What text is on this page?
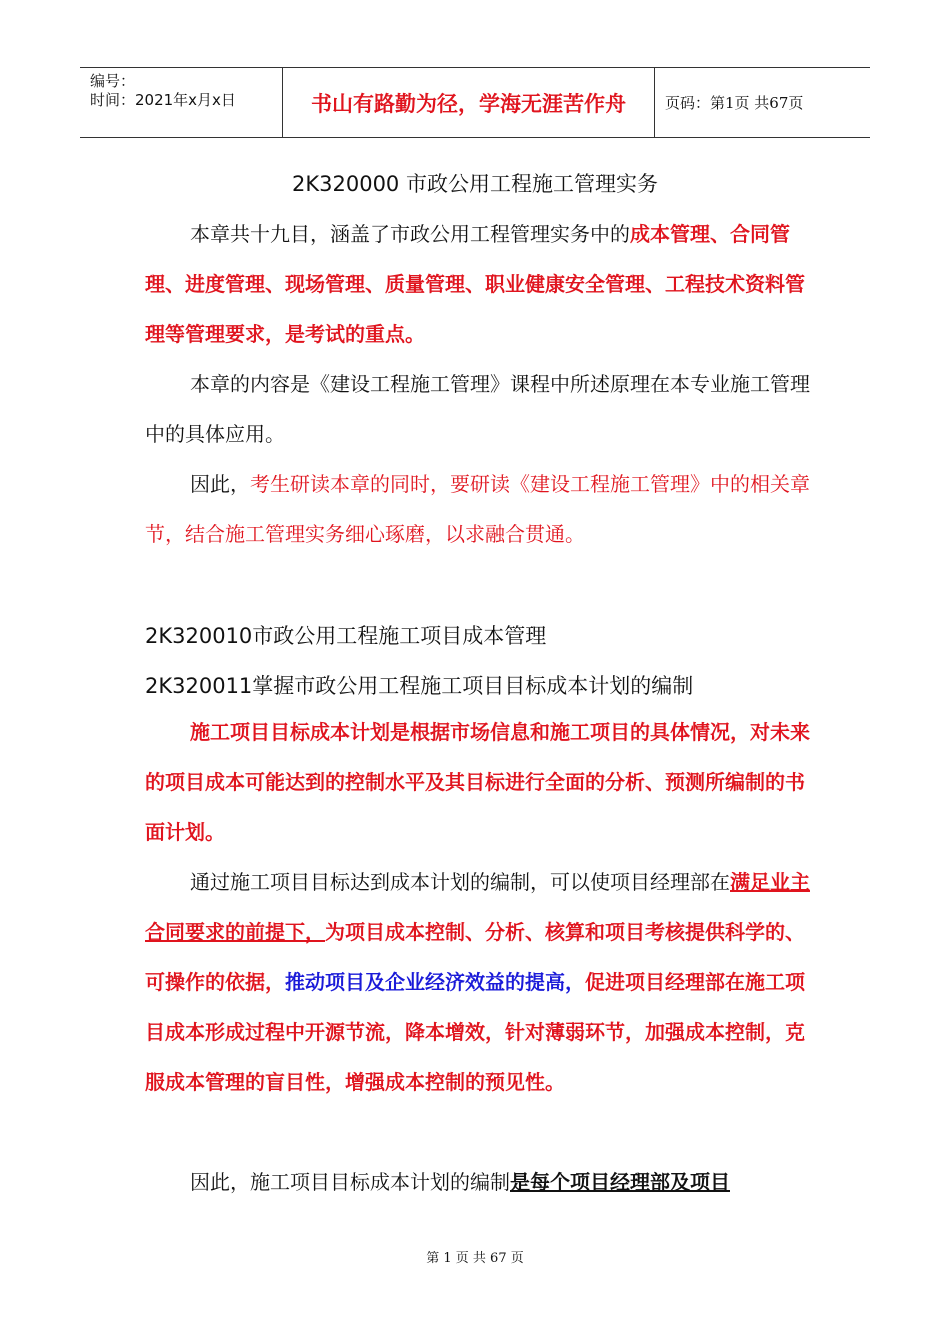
编号：
时间：2021年x月x日	书山有路勤为径，学海无涯苦作舟	页码：第1页 共67页
2K320000 市政公用工程施工管理实务

本章共十九目，涵盖了市政公用工程管理实务中的成本管理、合同管理、进度管理、现场管理、质量管理、职业健康安全管理、工程技术资料管理等管理要求，是考试的重点。

本章的内容是《建设工程施工管理》课程中所述原理在本专业施工管理中的具体应用。

因此，考生研读本章的同时，要研读《建设工程施工管理》中的相关章节，结合施工管理实务细心琢磨，以求融合贯通。

2K320010市政公用工程施工项目成本管理
2K320011掌握市政公用工程施工项目目标成本计划的编制

施工项目目标成本计划是根据市场信息和施工项目的具体情况，对未来的项目成本可能达到的控制水平及其目标进行全面的分析、预测所编制的书面计划。

通过施工项目目标达到成本计划的编制，可以使项目经理部在满足业主合同要求的前提下，为项目成本控制、分析、核算和项目考核提供科学的、可操作的依据，推动项目及企业经济效益的提高，促进项目经理部在施工项目成本形成过程中开源节流，降本增效，针对薄弱环节，加强成本控制，克服成本管理的盲目性，增强成本控制的预见性。

因此，施工项目目标成本计划的编制是每个项目经理部及项目

第 1 页 共 67 页
